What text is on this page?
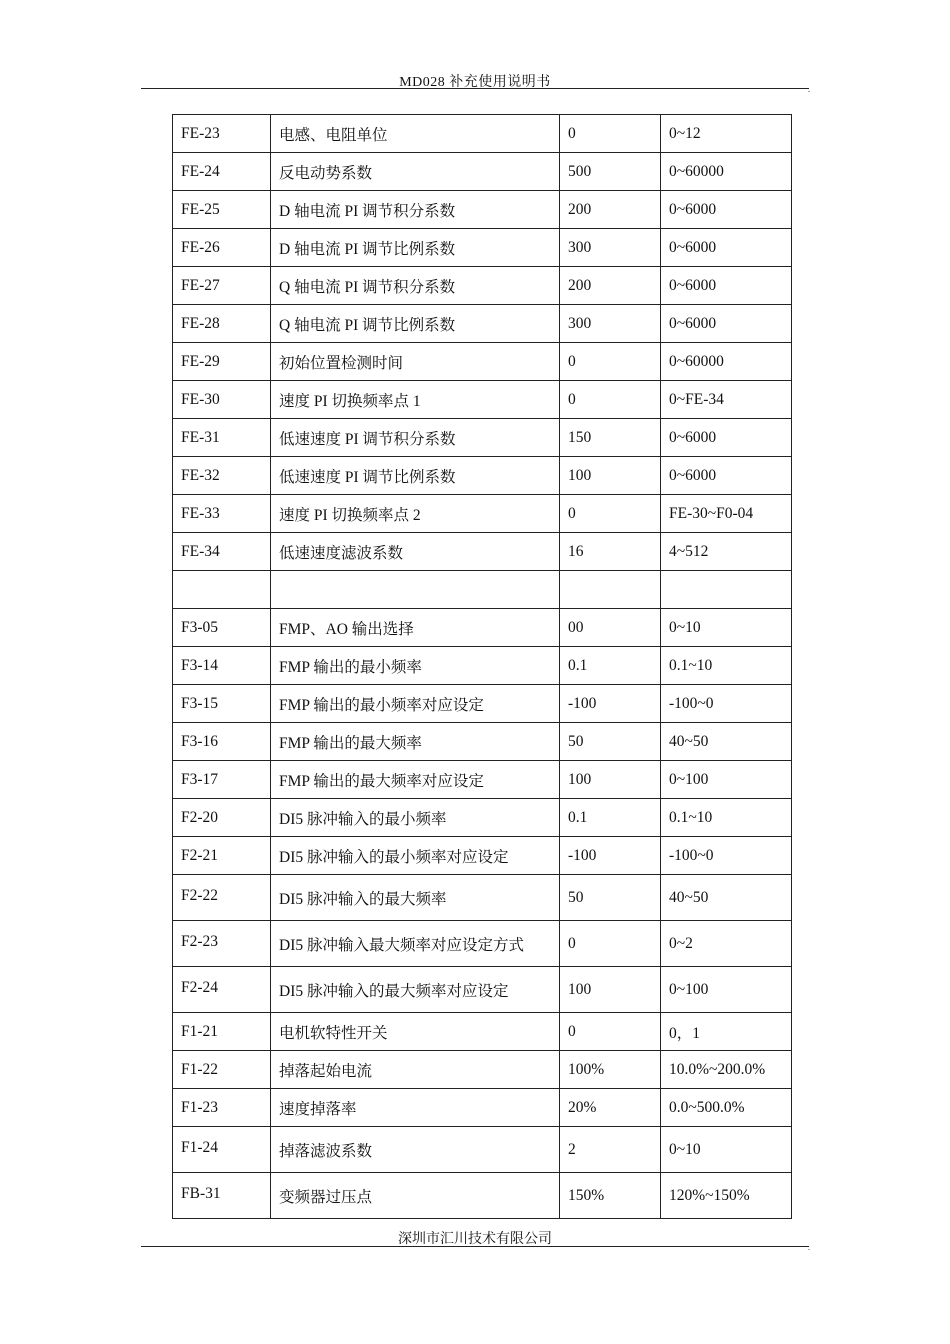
MD028 补充使用说明书	.
FE-23	电感、电阻单位	0	0~12
FE-24	反电动势系数	500	0~60000
FE-25	D 轴电流 PI 调节积分系数	200	0~6000
FE-26	D 轴电流 PI 调节比例系数	300	0~6000
FE-27	Q 轴电流 PI 调节积分系数	200	0~6000
FE-28	Q 轴电流 PI 调节比例系数	300	0~6000
FE-29	初始位置检测时间	0	0~60000
FE-30	速度 PI 切换频率点 1	0	0~FE-34
FE-31	低速速度 PI 调节积分系数	150	0~6000
FE-32	低速速度 PI 调节比例系数	100	0~6000
FE-33	速度 PI 切换频率点 2	0	FE-30~F0-04
FE-34	低速速度滤波系数	16	4~512

F3-05	FMP、AO 输出选择	00	0~10
F3-14	FMP 输出的最小频率	0.1	0.1~10
F3-15	FMP 输出的最小频率对应设定	-100	-100~0
F3-16	FMP 输出的最大频率	50	40~50
F3-17	FMP 输出的最大频率对应设定	100	0~100
F2-20	DI5 脉冲输入的最小频率	0.1	0.1~10
F2-21	DI5 脉冲输入的最小频率对应设定	-100	-100~0
F2-22	DI5 脉冲输入的最大频率	50	40~50
F2-23	DI5 脉冲输入最大频率对应设定方式	0	0~2
F2-24	DI5 脉冲输入的最大频率对应设定	100	0~100
F1-21	电机软特性开关	0	0，1
F1-22	掉落起始电流	100%	10.0%~200.0%
F1-23	速度掉落率	20%	0.0~500.0%
F1-24	掉落滤波系数	2	0~10
FB-31	变频器过压点	150%	120%~150%
深圳市汇川技术有限公司
.
